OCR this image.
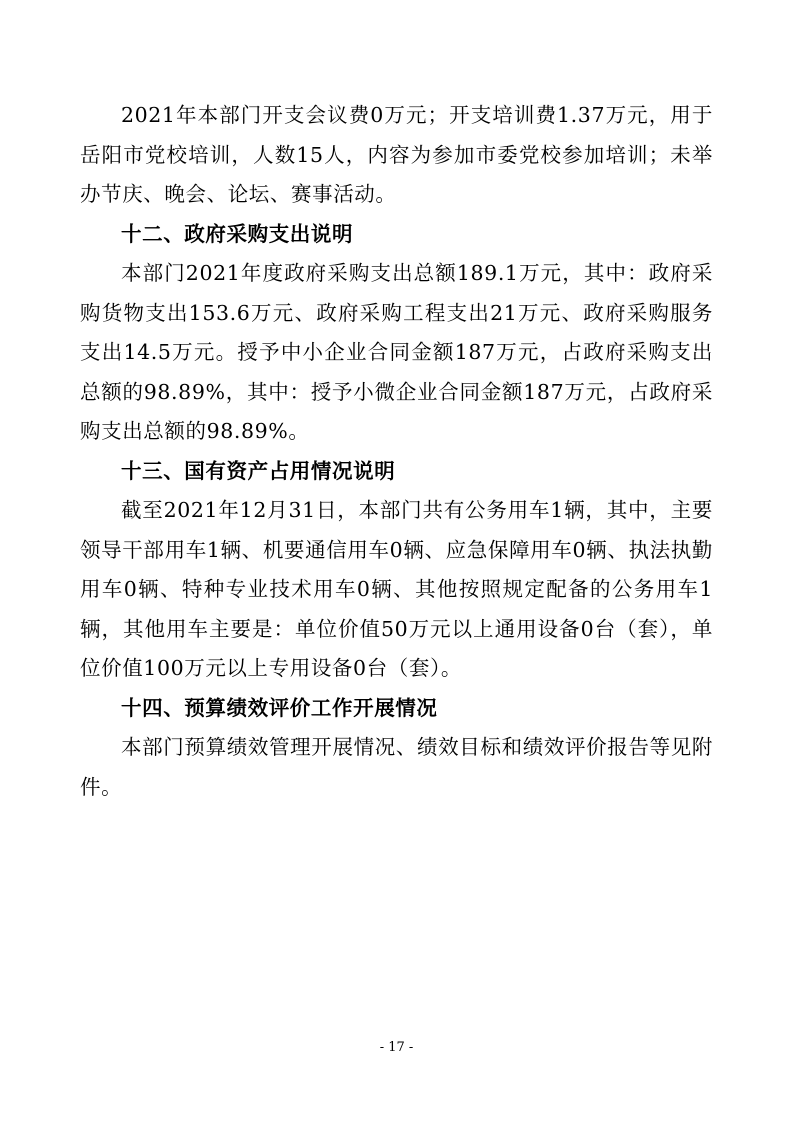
2021年本部门开支会议费0万元；开支培训费1.37万元，用于岳阳市党校培训，人数15人，内容为参加市委党校参加培训；未举办节庆、晚会、论坛、赛事活动。

十二、政府采购支出说明

本部门2021年度政府采购支出总额189.1万元，其中：政府采购货物支出153.6万元、政府采购工程支出21万元、政府采购服务支出14.5万元。授予中小企业合同金额187万元，占政府采购支出总额的98.89%，其中：授予小微企业合同金额187万元，占政府采购支出总额的98.89%。

十三、国有资产占用情况说明

截至2021年12月31日，本部门共有公务用车1辆，其中，主要领导干部用车1辆、机要通信用车0辆、应急保障用车0辆、执法执勤用车0辆、特种专业技术用车0辆、其他按照规定配备的公务用车1辆，其他用车主要是：单位价值50万元以上通用设备0台（套），单位价值100万元以上专用设备0台（套）。

十四、预算绩效评价工作开展情况

本部门预算绩效管理开展情况、绩效目标和绩效评价报告等见附件。

- 17 -
